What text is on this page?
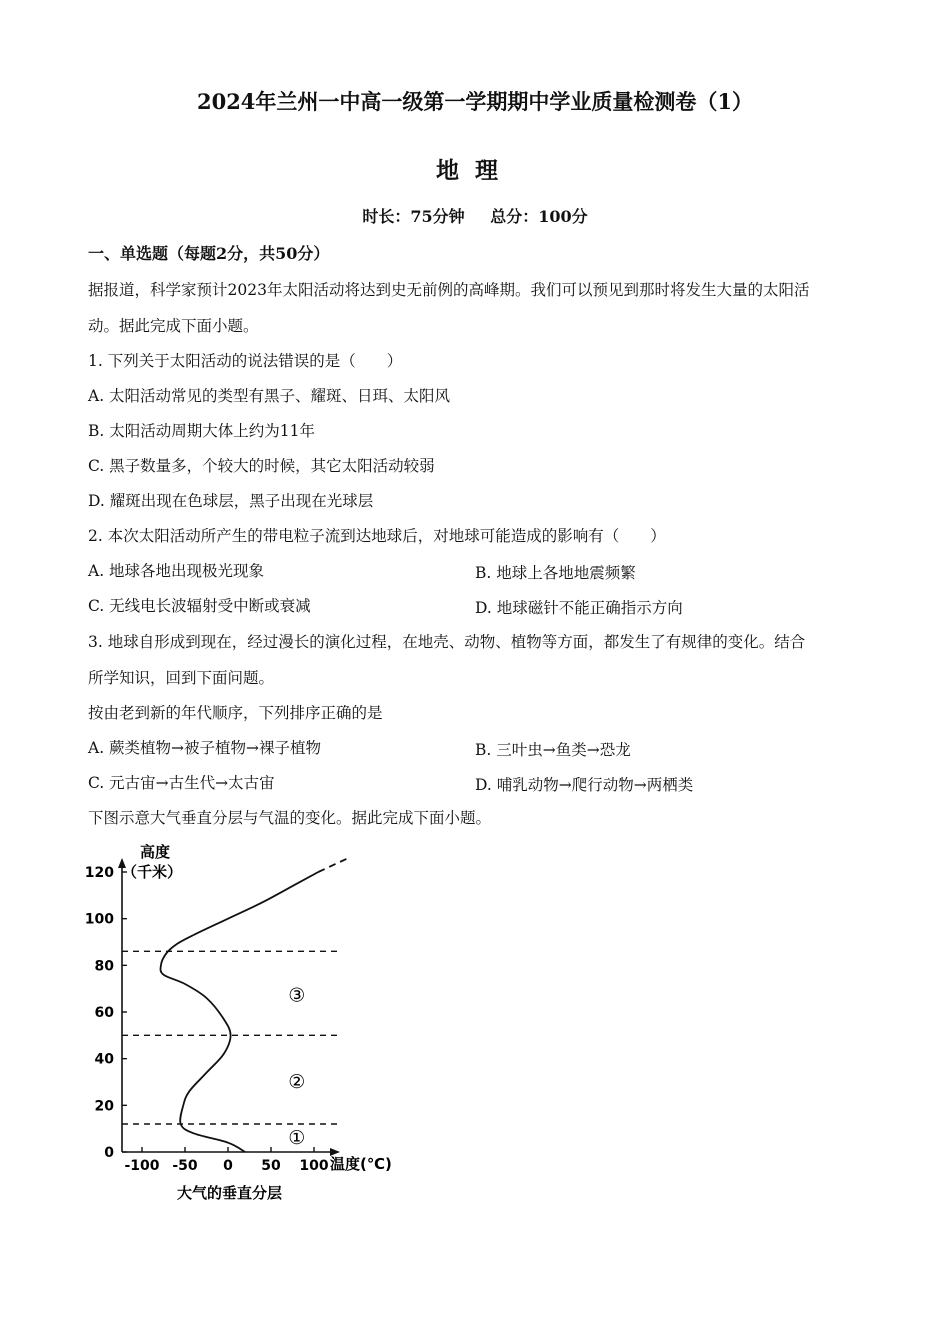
2024年兰州一中高一级第一学期期中学业质量检测卷（1）
地理
时长：75分钟 总分：100分
一、单选题（每题2分，共50分）
据报道，科学家预计2023年太阳活动将达到史无前例的高峰期。我们可以预见到那时将发生大量的太阳活
动。据此完成下面小题。
1. 下列关于太阳活动的说法错误的是（　　）
A. 太阳活动常见的类型有黑子、耀斑、日珥、太阳风
B. 太阳活动周期大体上约为11年
C. 黑子数量多，个较大的时候，其它太阳活动较弱
D. 耀斑出现在色球层，黑子出现在光球层
2. 本次太阳活动所产生的带电粒子流到达地球后，对地球可能造成的影响有（　　）
A. 地球各地出现极光现象	B. 地球上各地地震频繁
C. 无线电长波辐射受中断或衰减	D. 地球磁针不能正确指示方向
3. 地球自形成到现在，经过漫长的演化过程，在地壳、动物、植物等方面，都发生了有规律的变化。结合
所学知识，回到下面问题。
按由老到新的年代顺序，下列排序正确的是
A. 蕨类植物→被子植物→裸子植物	B. 三叶虫→鱼类→恐龙
C. 元古宙→古生代→太古宙	D. 哺乳动物→爬行动物→两栖类
下图示意大气垂直分层与气温的变化。据此完成下面小题。
0
20
40
60
80
100
120
-100 -50 0 50 100
①
②
③
高度
（千米）
温度(℃)
大气的垂直分层
